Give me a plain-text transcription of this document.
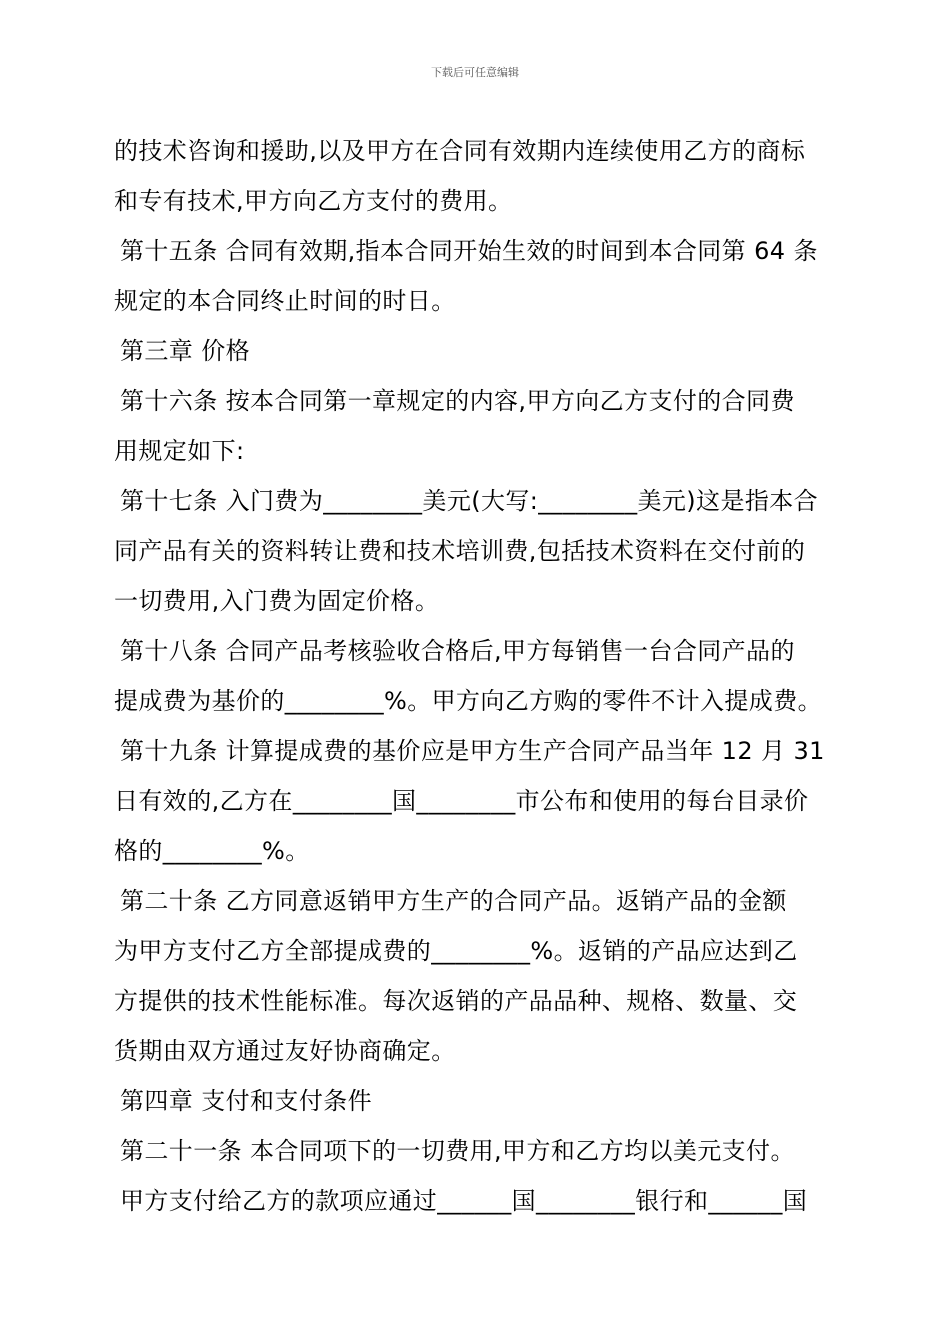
下载后可任意编辑
的技术咨询和援助,以及甲方在合同有效期内连续使用乙方的商标
和专有技术,甲方向乙方支付的费用。
第十五条 合同有效期,指本合同开始生效的时间到本合同第 64 条
规定的本合同终止时间的时日。
第三章 价格
第十六条 按本合同第一章规定的内容,甲方向乙方支付的合同费
用规定如下:
第十七条 入门费为________美元(大写:________美元)这是指本合
同产品有关的资料转让费和技术培训费,包括技术资料在交付前的
一切费用,入门费为固定价格。
第十八条 合同产品考核验收合格后,甲方每销售一台合同产品的
提成费为基价的________%。甲方向乙方购的零件不计入提成费。
第十九条 计算提成费的基价应是甲方生产合同产品当年 12 月 31
日有效的,乙方在________国________市公布和使用的每台目录价
格的________%。
第二十条 乙方同意返销甲方生产的合同产品。返销产品的金额
为甲方支付乙方全部提成费的________%。返销的产品应达到乙
方提供的技术性能标准。每次返销的产品品种、规格、数量、交
货期由双方通过友好协商确定。
第四章 支付和支付条件
第二十一条 本合同项下的一切费用,甲方和乙方均以美元支付。
甲方支付给乙方的款项应通过______国________银行和______国
